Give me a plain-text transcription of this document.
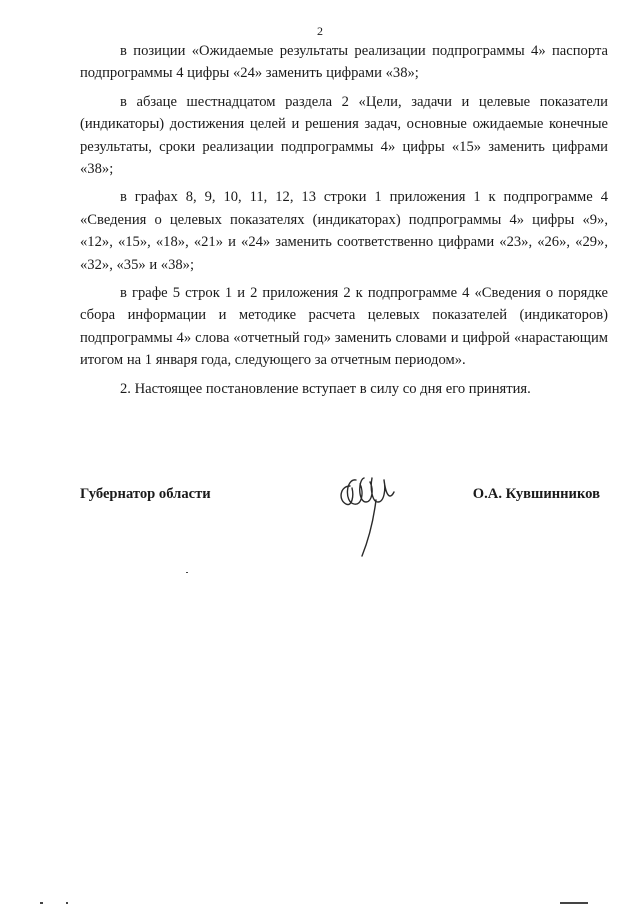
2

в позиции «Ожидаемые результаты реализации подпрограммы 4» паспорта подпрограммы 4 цифры «24» заменить цифрами «38»;

в абзаце шестнадцатом раздела 2 «Цели, задачи и целевые показатели (индикаторы) достижения целей и решения задач, основные ожидаемые конечные результаты, сроки реализации подпрограммы 4» цифры «15» заменить цифрами «38»;

в графах 8, 9, 10, 11, 12, 13 строки 1 приложения 1 к подпрограмме 4 «Сведения о целевых показателях (индикаторах) подпрограммы 4» цифры «9», «12», «15», «18», «21» и «24» заменить соответственно цифрами «23», «26», «29», «32», «35» и «38»;

в графе 5 строк 1 и 2 приложения 2 к подпрограмме 4 «Сведения о порядке сбора информации и методике расчета целевых показателей (индикаторов) подпрограммы 4» слова «отчетный год» заменить словами и цифрой «нарастающим итогом на 1 января года, следующего за отчетным периодом».

2. Настоящее постановление вступает в силу со дня его принятия.

Губернатор области	О.А. Кувшинников
